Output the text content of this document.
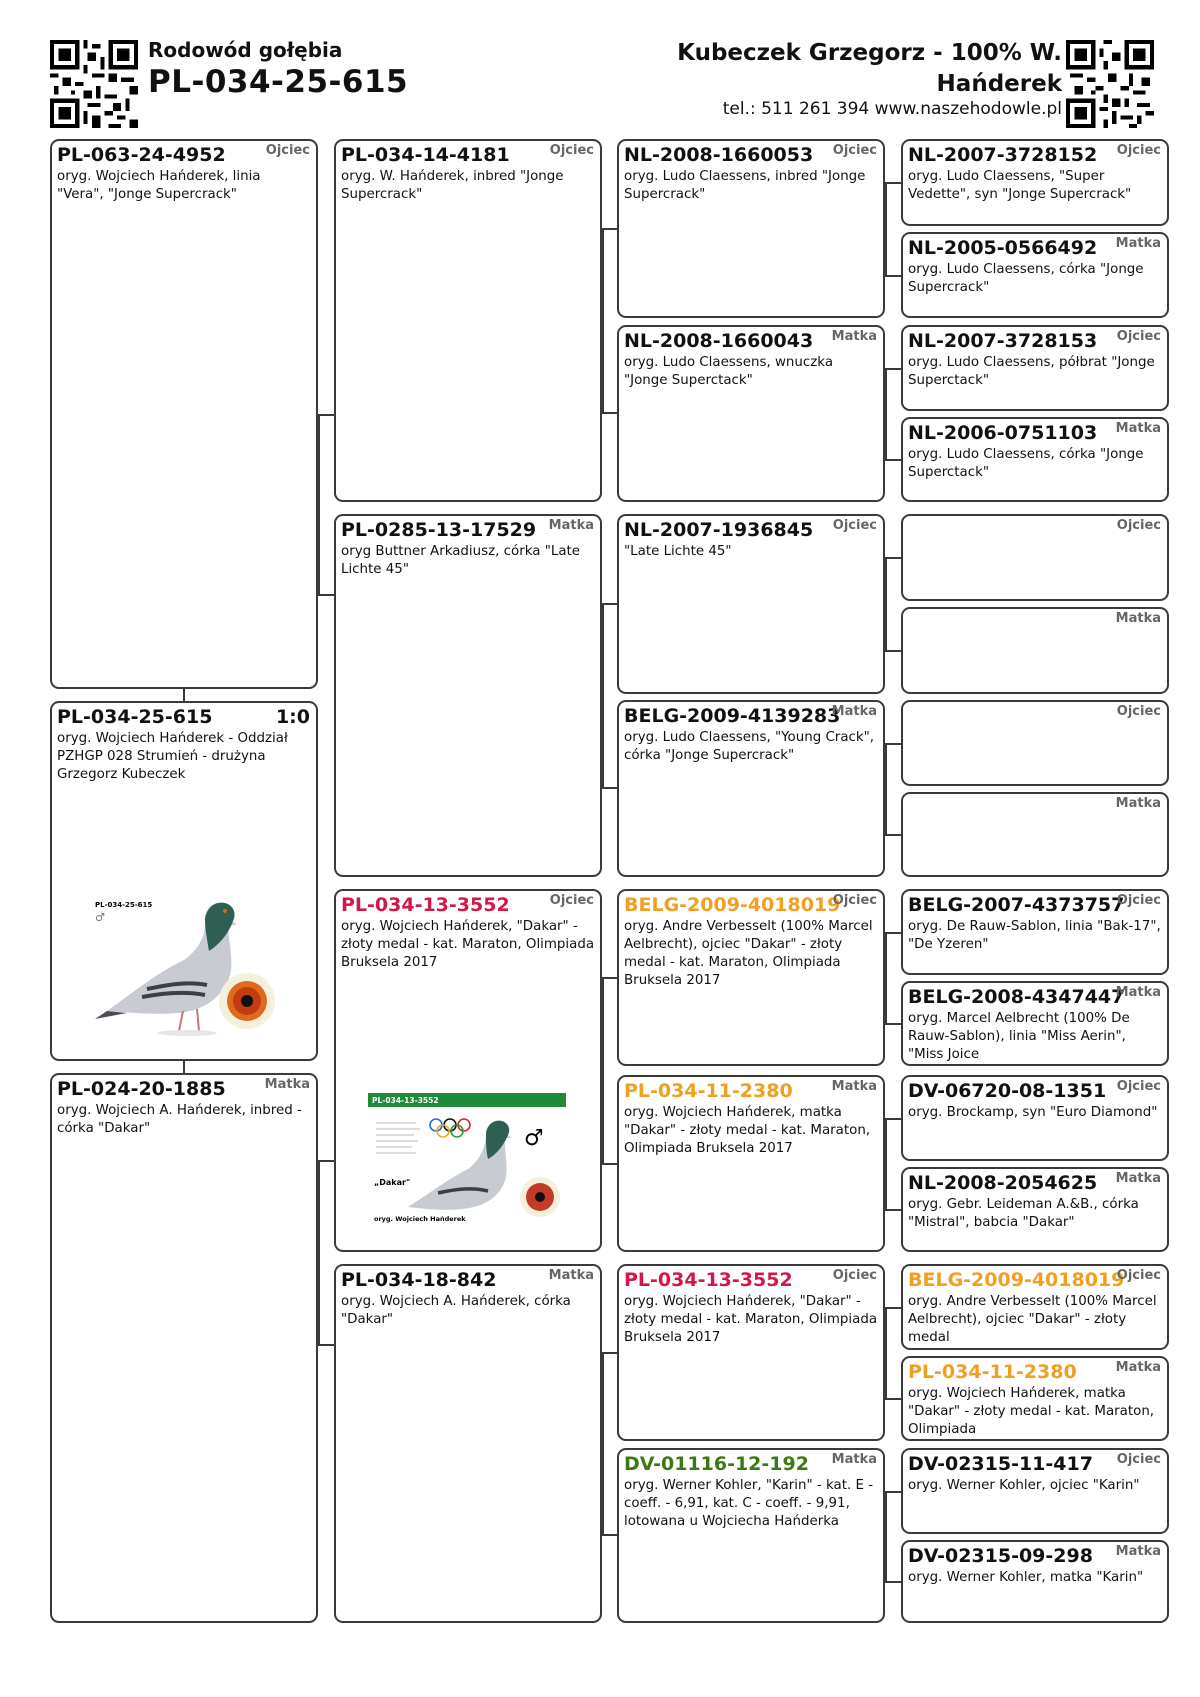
Rodowód gołębia
PL-034-25-615
Kubeczek Grzegorz - 100% W. Hańderek
tel.: 511 261 394 www.naszehodowle.pl
PL-063-24-4952	Ojciec
oryg. Wojciech Hańderek, linia "Vera", "Jonge Supercrack"
PL-034-25-615	1:0
oryg. Wojciech Hańderek - Oddział PZHGP 028 Strumień - drużyna Grzegorz Kubeczek
PL-034-25-615
♂
PL-024-20-1885	Matka
oryg. Wojciech A. Hańderek, inbred - córka "Dakar"
PL-034-14-4181	Ojciec
oryg. W. Hańderek, inbred "Jonge Supercrack"
PL-0285-13-17529 Matka
oryg Buttner Arkadiusz, córka "Late Lichte 45"
PL-034-13-3552	Ojciec
oryg. Wojciech Hańderek, "Dakar" - złoty medal - kat. Maraton, Olimpiada Bruksela 2017
PL-034-13-3552
„Dakar"
oryg. Wojciech Hańderek
♂
PL-034-18-842	Matka
oryg. Wojciech A. Hańderek, córka "Dakar"
NL-2008-1660053	Ojciec
oryg. Ludo Claessens, inbred "Jonge Supercrack"
NL-2008-1660043	Matka
oryg. Ludo Claessens, wnuczka "Jonge Superctack"
NL-2007-1936845	Ojciec
"Late Lichte 45"
BELG-2009-4139283
Matka
oryg. Ludo Claessens, "Young Crack", córka "Jonge Supercrack"
BELG-2009-4018019
Ojciec
oryg. Andre Verbesselt (100% Marcel Aelbrecht), ojciec "Dakar" - złoty medal - kat. Maraton, Olimpiada Bruksela 2017
PL-034-11-2380	Matka
oryg. Wojciech Hańderek, matka "Dakar" - złoty medal - kat. Maraton, Olimpiada Bruksela 2017
PL-034-13-3552	Ojciec
oryg. Wojciech Hańderek, "Dakar" - złoty medal - kat. Maraton, Olimpiada Bruksela 2017
DV-01116-12-192	Matka
oryg. Werner Kohler, "Karin" - kat. E - coeff. - 6,91, kat. C - coeff. - 9,91, lotowana u Wojciecha Hańderka
NL-2007-3728152	Ojciec
oryg. Ludo Claessens, "Super Vedette", syn "Jonge Supercrack"
NL-2005-0566492	Matka
oryg. Ludo Claessens, córka "Jonge Supercrack"
NL-2007-3728153	Ojciec
oryg. Ludo Claessens, półbrat "Jonge Superctack"
NL-2006-0751103	Matka
oryg. Ludo Claessens, córka "Jonge Superctack"
Ojciec
Matka
Ojciec
Matka
BELG-2007-4373757
Ojciec
oryg. De Rauw-Sablon, linia "Bak-17", "De Yzeren"
BELG-2008-4347447
Matka
oryg. Marcel Aelbrecht (100% De Rauw-Sablon), linia "Miss Aerin", "Miss Joice
DV-06720-08-1351 Ojciec
oryg. Brockamp, syn "Euro Diamond"
NL-2008-2054625	Matka
oryg. Gebr. Leideman A.&B., córka "Mistral", babcia "Dakar"
BELG-2009-4018019
Ojciec
oryg. Andre Verbesselt (100% Marcel Aelbrecht), ojciec "Dakar" - złoty medal
PL-034-11-2380	Matka
oryg. Wojciech Hańderek, matka "Dakar" - złoty medal - kat. Maraton, Olimpiada
DV-02315-11-417	Ojciec
oryg. Werner Kohler, ojciec "Karin"
DV-02315-09-298	Matka
oryg. Werner Kohler, matka "Karin"
